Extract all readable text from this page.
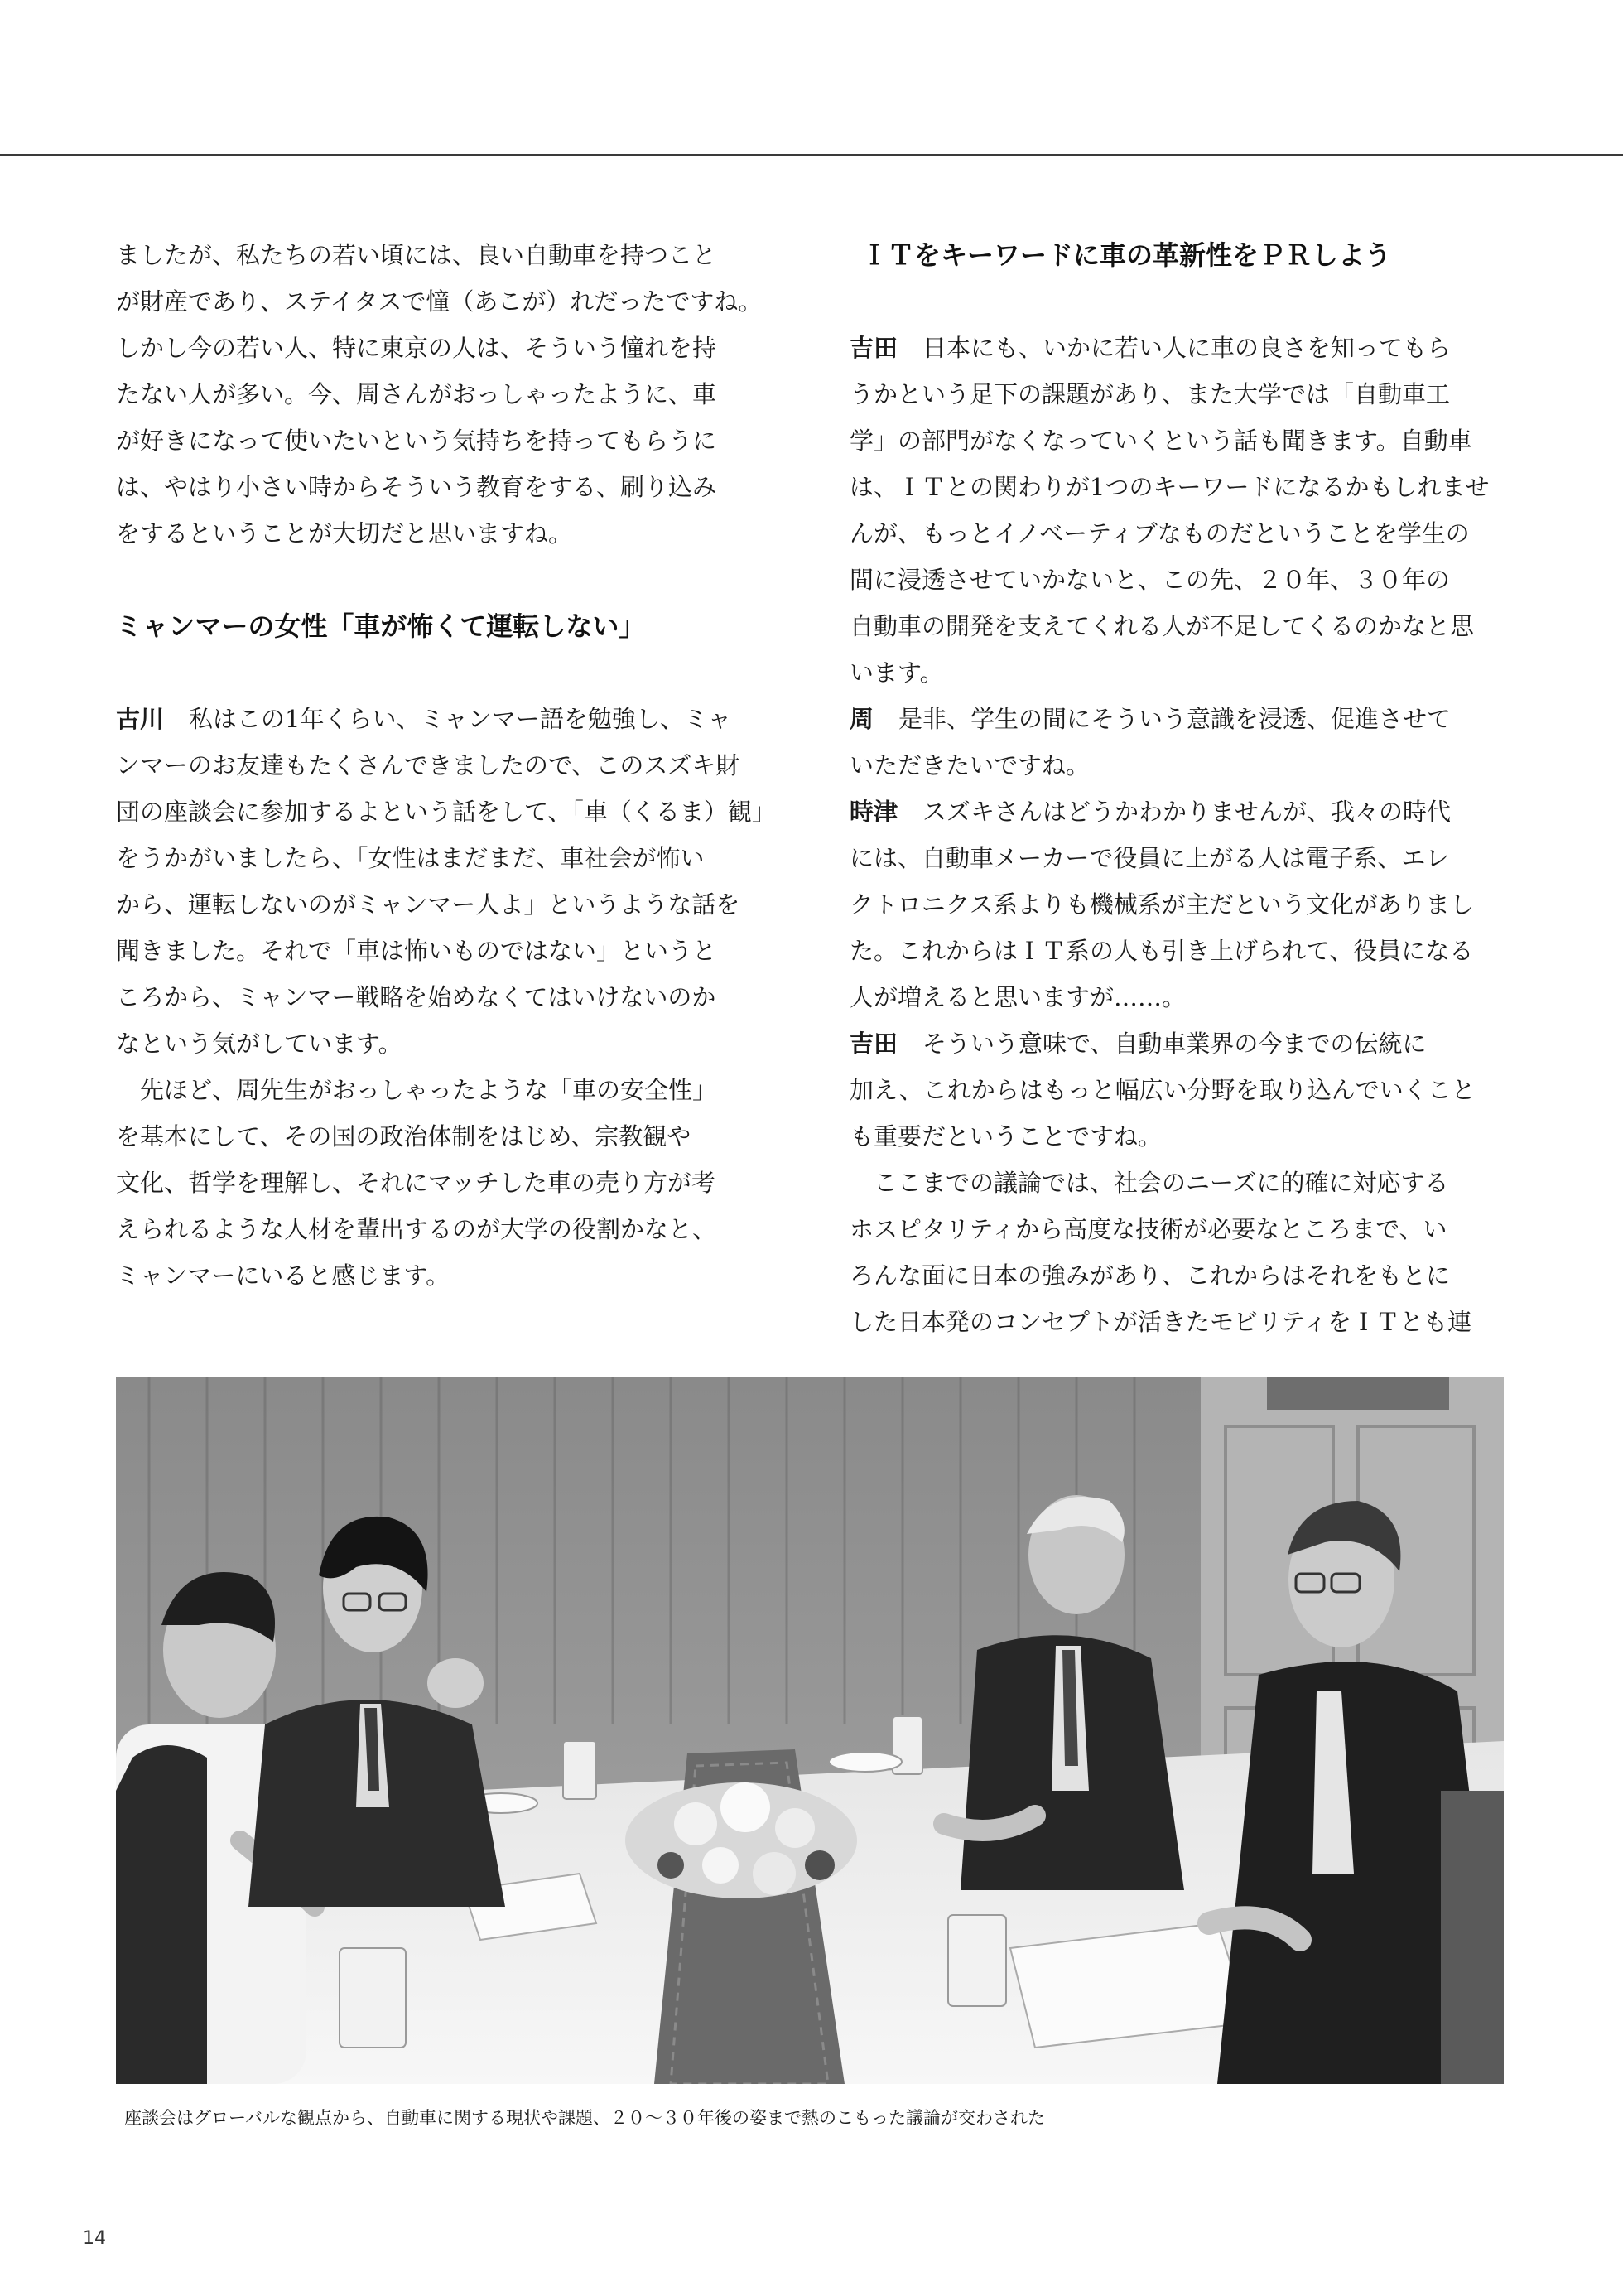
ましたが、私たちの若い頃には、良い自動車を持つこと
が財産であり、ステイタスで憧（あこが）れだったですね。
しかし今の若い人、特に東京の人は、そういう憧れを持
たない人が多い。今、周さんがおっしゃったように、車
が好きになって使いたいという気持ちを持ってもらうに
は、やはり小さい時からそういう教育をする、刷り込み
をするということが大切だと思いますね。
ミャンマーの女性「車が怖くて運転しない」
古川 私はこの1年くらい、ミャンマー語を勉強し、ミャ
ンマーのお友達もたくさんできましたので、このスズキ財
団の座談会に参加するよという話をして、「車（くるま）観」
をうかがいましたら、「女性はまだまだ、車社会が怖い
から、運転しないのがミャンマー人よ」というような話を
聞きました。それで「車は怖いものではない」というと
ころから、ミャンマー戦略を始めなくてはいけないのか
なという気がしています。
　先ほど、周先生がおっしゃったような「車の安全性」
を基本にして、その国の政治体制をはじめ、宗教観や
文化、哲学を理解し、それにマッチした車の売り方が考
えられるような人材を輩出するのが大学の役割かなと、
ミャンマーにいると感じます。
ＩＴをキーワードに車の革新性をＰＲしよう
吉田 日本にも、いかに若い人に車の良さを知ってもら
うかという足下の課題があり、また大学では「自動車工
学」の部門がなくなっていくという話も聞きます。自動車
は、ＩＴとの関わりが1つのキーワードになるかもしれませ
んが、もっとイノベーティブなものだということを学生の
間に浸透させていかないと、この先、２０年、３０年の
自動車の開発を支えてくれる人が不足してくるのかなと思
います。
周 是非、学生の間にそういう意識を浸透、促進させて
いただきたいですね。
時津 スズキさんはどうかわかりませんが、我々の時代
には、自動車メーカーで役員に上がる人は電子系、エレ
クトロニクス系よりも機械系が主だという文化がありまし
た。これからはＩＴ系の人も引き上げられて、役員になる
人が増えると思いますが……。
吉田 そういう意味で、自動車業界の今までの伝統に
加え、これからはもっと幅広い分野を取り込んでいくこと
も重要だということですね。
　ここまでの議論では、社会のニーズに的確に対応する
ホスピタリティから高度な技術が必要なところまで、い
ろんな面に日本の強みがあり、これからはそれをもとに
した日本発のコンセプトが活きたモビリティをＩＴとも連
座談会はグローバルな観点から、自動車に関する現状や課題、２０～３０年後の姿まで熱のこもった議論が交わされた
14
